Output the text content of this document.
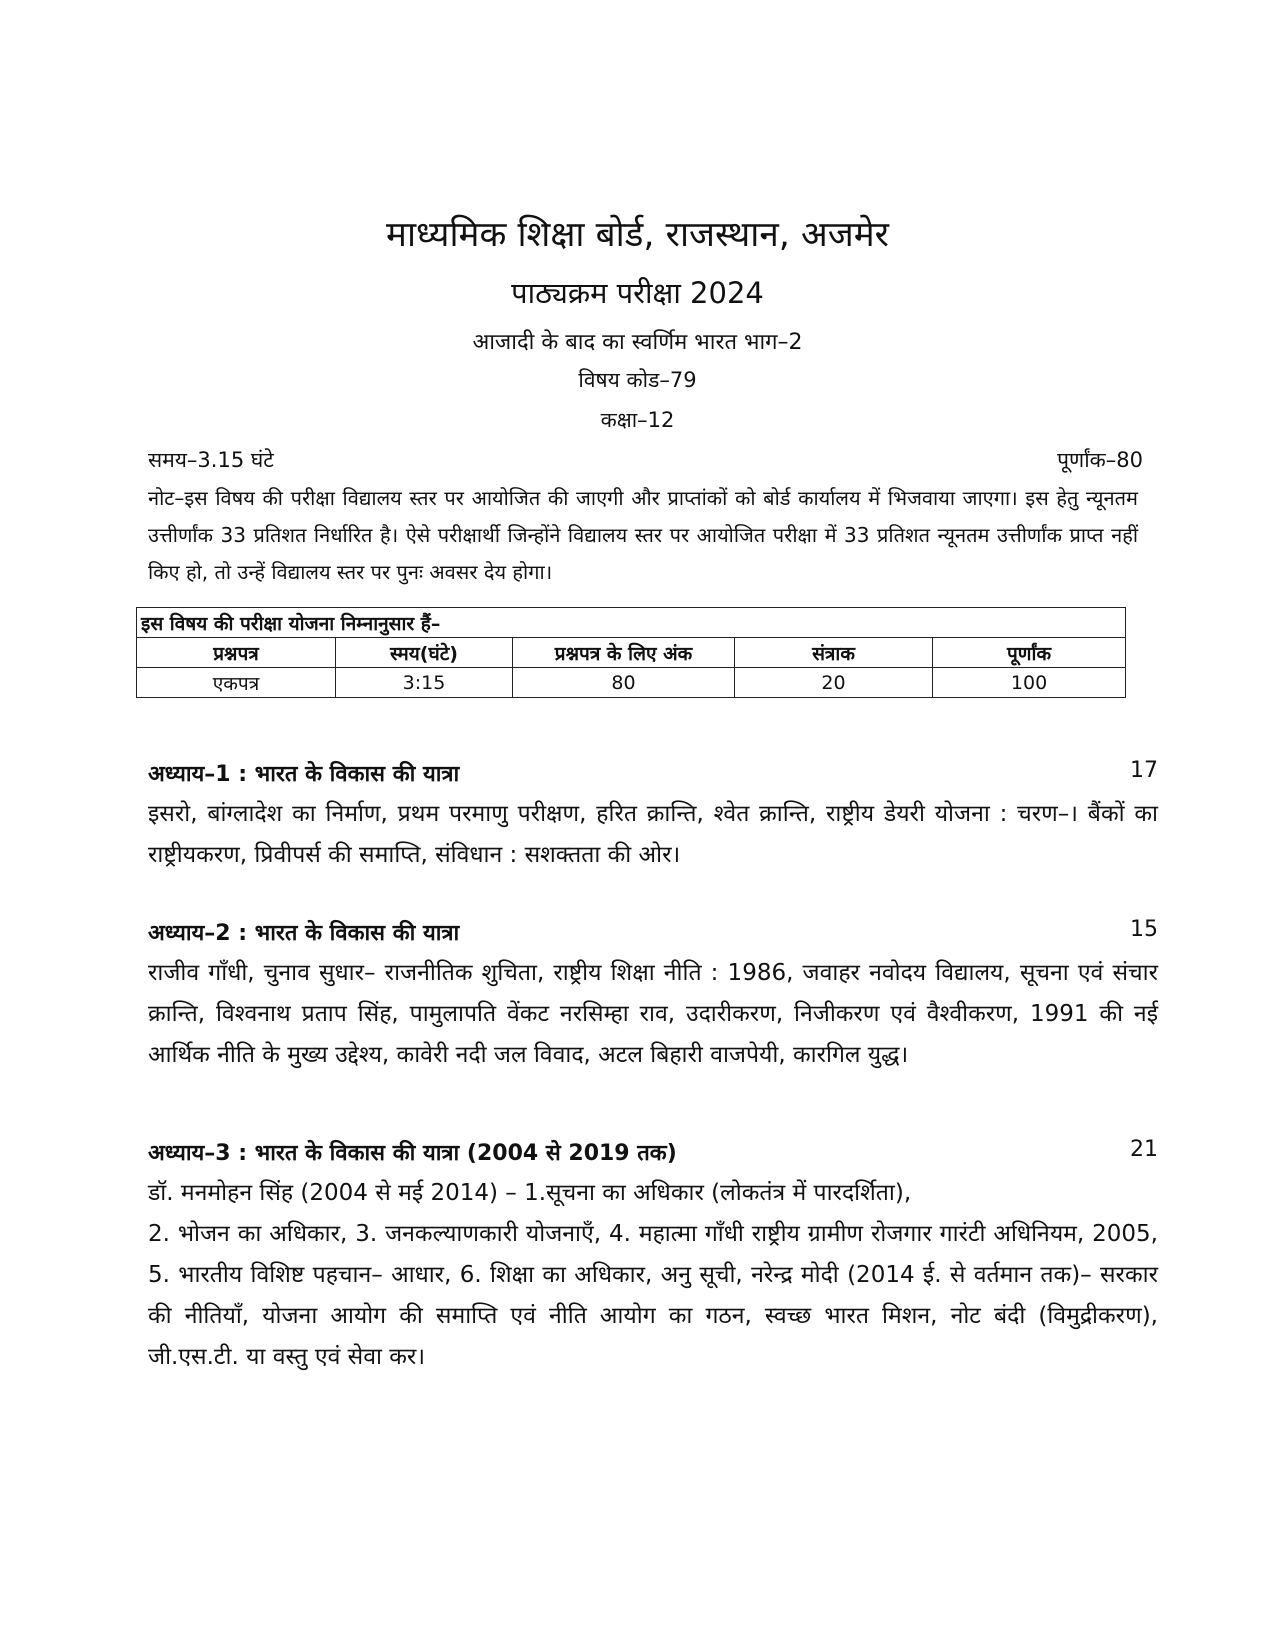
माध्यमिक शिक्षा बोर्ड, राजस्थान, अजमेर
पाठ्यक्रम परीक्षा 2024
आजादी के बाद का स्वर्णिम भारत भाग–2
विषय कोड–79
कक्षा–12
समय–3.15 घंटे	पूर्णांक–80
नोट–इस विषय की परीक्षा विद्यालय स्तर पर आयोजित की जाएगी और प्राप्तांकों को बोर्ड कार्यालय में भिजवाया जाएगा। इस हेतु न्यूनतम उत्तीर्णांक 33 प्रतिशत निर्धारित है। ऐसे परीक्षार्थी जिन्होंने विद्यालय स्तर पर आयोजित परीक्षा में 33 प्रतिशत न्यूनतम उत्तीर्णांक प्राप्त नहीं किए हो, तो उन्हें विद्यालय स्तर पर पुनः अवसर देय होगा।
इस विषय की परीक्षा योजना निम्नानुसार हैं–				
प्रश्नपत्र	स्मय(घंटे)	प्रश्नपत्र के लिए अंक	संत्राक	पूर्णांक
एकपत्र	3:15	80	20	100
अध्याय–1 : भारत के विकास की यात्रा	17
इसरो, बांग्लादेश का निर्माण, प्रथम परमाणु परीक्षण, हरित क्रान्ति, श्वेत क्रान्ति, राष्ट्रीय डेयरी योजना : चरण–। बैंकों का राष्ट्रीयकरण, प्रिवीपर्स की समाप्ति, संविधान : सशक्तता की ओर।
अध्याय–2 : भारत के विकास की यात्रा	15
राजीव गाँधी, चुनाव सुधार– राजनीतिक शुचिता, राष्ट्रीय शिक्षा नीति : 1986, जवाहर नवोदय विद्यालय, सूचना एवं संचार क्रान्ति, विश्वनाथ प्रताप सिंह, पामुलापति वेंकट नरसिम्हा राव, उदारीकरण, निजीकरण एवं वैश्वीकरण, 1991 की नई आर्थिक नीति के मुख्य उद्देश्य, कावेरी नदी जल विवाद, अटल बिहारी वाजपेयी, कारगिल युद्ध।
अध्याय–3 : भारत के विकास की यात्रा (2004 से 2019 तक)	21

डॉ. मनमोहन सिंह (2004 से मई 2014) – 1.सूचना का अधिकार (लोकतंत्र में पारदर्शिता),

2. भोजन का अधिकार, 3. जनकल्याणकारी योजनाएँ, 4. महात्मा गाँधी राष्ट्रीय ग्रामीण रोजगार गारंटी अधिनियम, 2005, 5. भारतीय विशिष्ट पहचान– आधार, 6. शिक्षा का अधिकार, अनु सूची, नरेन्द्र मोदी (2014 ई. से वर्तमान तक)– सरकार की नीतियाँ, योजना आयोग की समाप्ति एवं नीति आयोग का गठन, स्वच्छ भारत मिशन, नोट बंदी (विमुद्रीकरण), जी.एस.टी. या वस्तु एवं सेवा कर।
